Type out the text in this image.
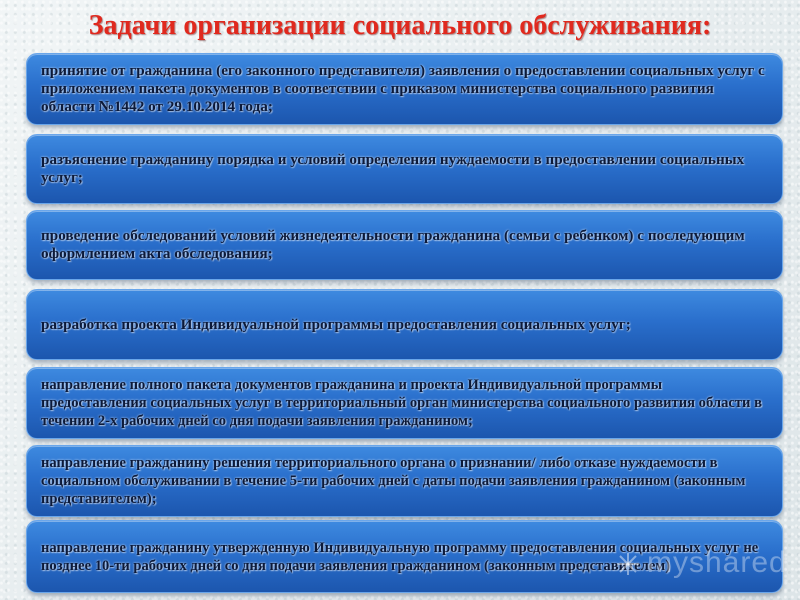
Задачи организации социального обслуживания:
принятие от гражданина (его законного представителя) заявления о предоставлении социальных услуг с приложением пакета документов в соответствии с приказом министерства социального развития области №1442 от 29.10.2014 года;
разъяснение гражданину порядка и условий определения нуждаемости в предоставлении социальных услуг;
проведение обследований условий жизнедеятельности гражданина (семьи с ребенком) с последующим оформлением акта обследования;
разработка проекта Индивидуальной программы предоставления социальных услуг;
направление полного пакета документов гражданина и проекта Индивидуальной программы предоставления социальных услуг в территориальный орган министерства социального развития области в течении 2-х рабочих дней со дня подачи заявления гражданином;
направление гражданину решения территориального органа о признании/ либо отказе нуждаемости в социальном обслуживании в течение 5-ти рабочих дней с даты подачи заявления гражданином (законным представителем);
направление гражданину утвержденную Индивидуальную программу предоставления социальных услуг не позднее 10-ти рабочих дней со дня подачи заявления гражданином (законным представителем)
myshared
